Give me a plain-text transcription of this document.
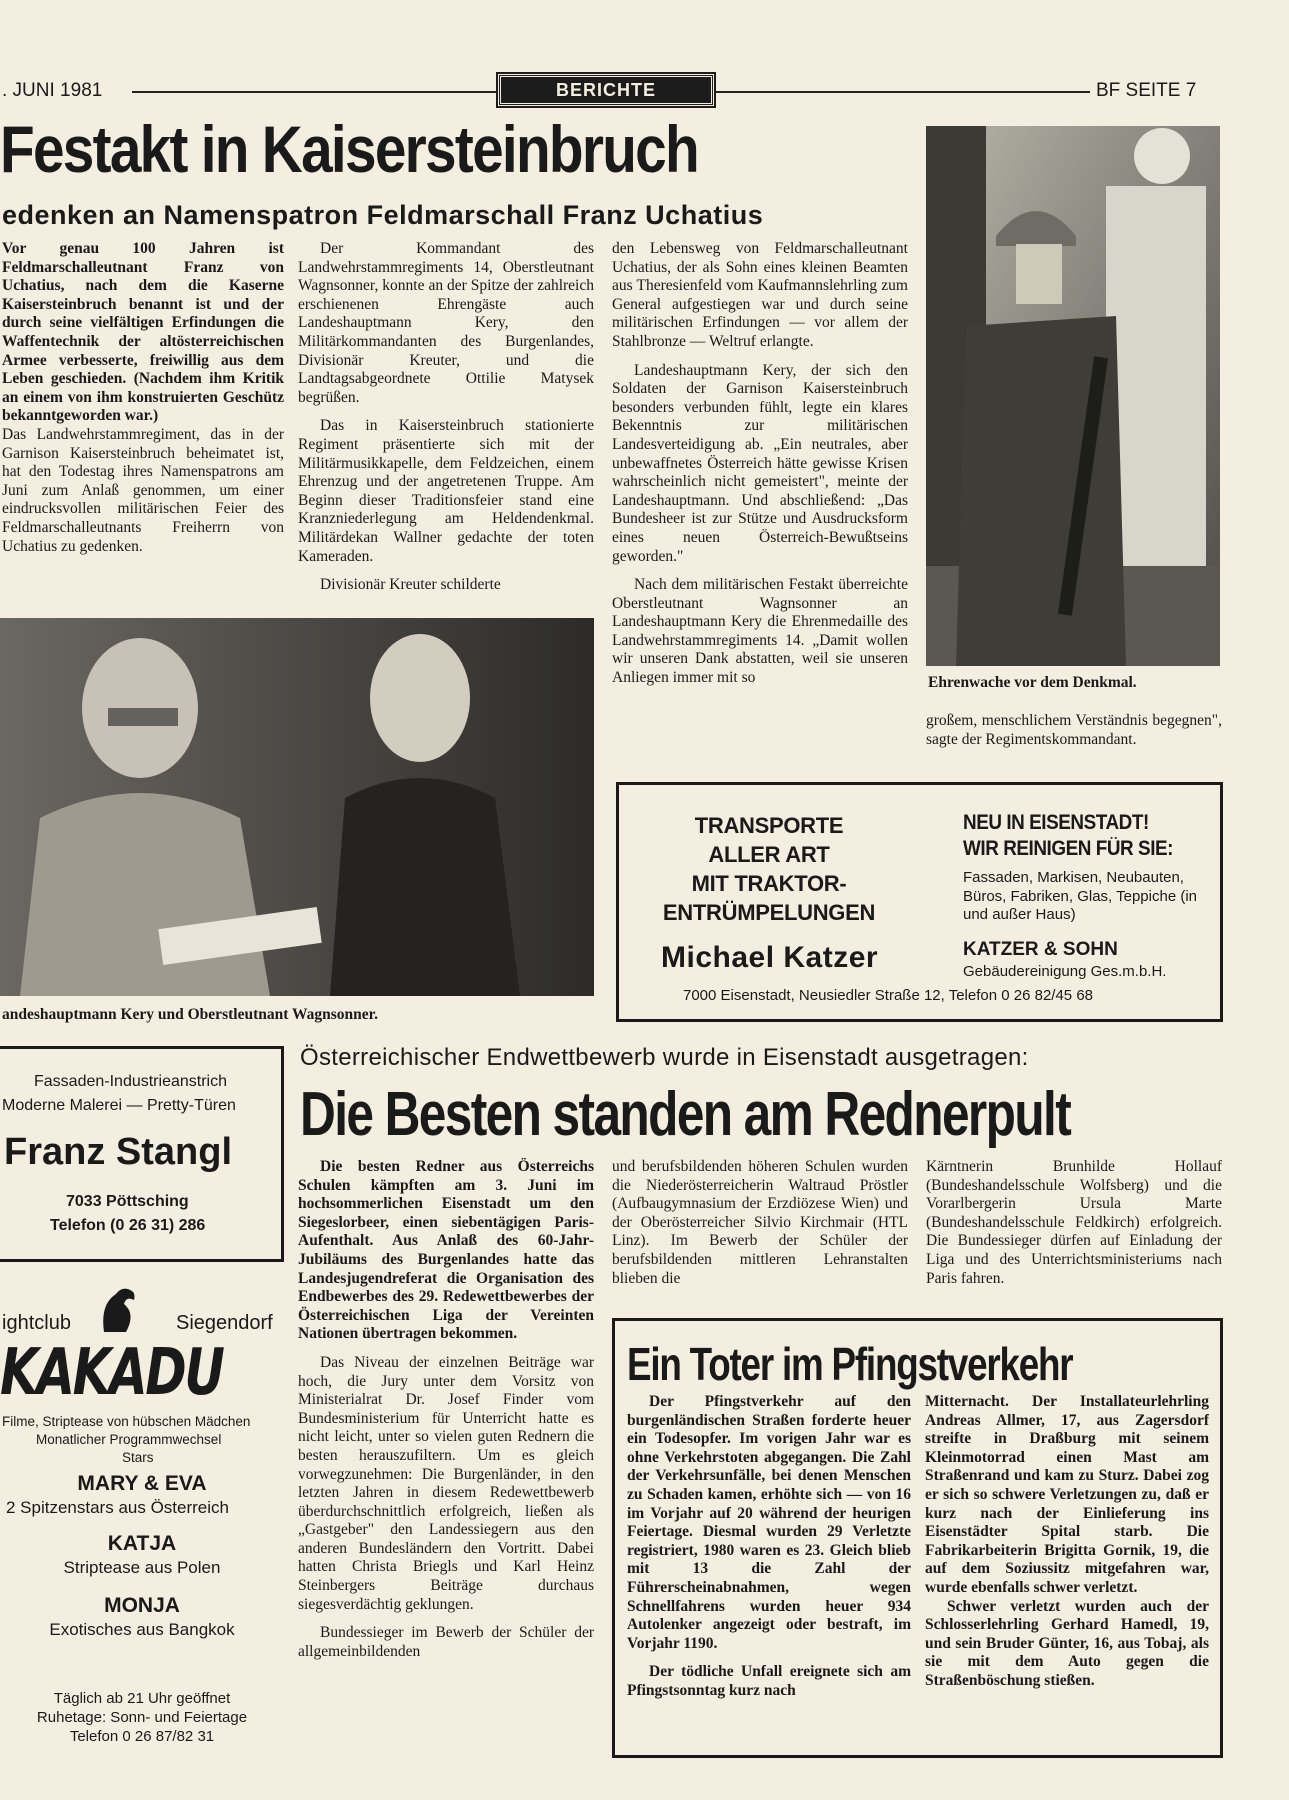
. JUNI 1981	BERICHTE	BF SEITE 7
Festakt in Kaisersteinbruch
edenken an Namenspatron Feldmarschall Franz Uchatius

Vor genau 100 Jahren ist Feldmarschalleutnant Franz von Uchatius, nach dem die Kaserne Kaisersteinbruch benannt ist und der durch seine vielfältigen Erfindungen die Waffentechnik der altösterreichischen Armee verbesserte, freiwillig aus dem Leben geschieden. (Nachdem ihm Kritik an einem von ihm konstruierten Geschütz bekanntgeworden war.)

Das Landwehrstammregiment, das in der Garnison Kaisersteinbruch beheimatet ist, hat den Todestag ihres Namenspatrons am Juni zum Anlaß genommen, um einer eindrucksvollen militärischen Feier des Feldmarschalleutnants Freiherrn von Uchatius zu gedenken.

Der Kommandant des Landwehrstammregiments 14, Oberstleutnant Wagnsonner, konnte an der Spitze der zahlreich erschienenen Ehrengäste auch Landeshauptmann Kery, den Militärkommandanten des Burgenlandes, Divisionär Kreuter, und die Landtagsabgeordnete Ottilie Matysek begrüßen.

Das in Kaisersteinbruch stationierte Regiment präsentierte sich mit der Militärmusikkapelle, dem Feldzeichen, einem Ehrenzug und der angetretenen Truppe. Am Beginn dieser Traditionsfeier stand eine Kranzniederlegung am Heldendenkmal. Militärdekan Wallner gedachte der toten Kameraden.

Divisionär Kreuter schilderte

den Lebensweg von Feldmarschalleutnant Uchatius, der als Sohn eines kleinen Beamten aus Theresienfeld vom Kaufmannslehrling zum General aufgestiegen war und durch seine militärischen Erfindungen — vor allem der Stahlbronze — Weltruf erlangte.

Landeshauptmann Kery, der sich den Soldaten der Garnison Kaisersteinbruch besonders verbunden fühlt, legte ein klares Bekenntnis zur militärischen Landesverteidigung ab. „Ein neutrales, aber unbewaffnetes Österreich hätte gewisse Krisen wahrscheinlich nicht gemeistert", meinte der Landeshauptmann. Und abschließend: „Das Bundesheer ist zur Stütze und Ausdrucksform eines neuen Österreich-Bewußtseins geworden."

Nach dem militärischen Festakt überreichte Oberstleutnant Wagnsonner an Landeshauptmann Kery die Ehrenmedaille des Landwehrstammregiments 14. „Damit wollen wir unseren Dank abstatten, weil sie unseren Anliegen immer mit so

großem, menschlichem Verständnis begegnen", sagte der Regimentskommandant.

Ehrenwache vor dem Denkmal.
andeshauptmann Kery und Oberstleutnant Wagnsonner.
TRANSPORTE
ALLER ART
MIT TRAKTOR-
ENTRÜMPELUNGEN
Michael Katzer
NEU IN EISENSTADT!
WIR REINIGEN FÜR SIE:
Fassaden, Markisen, Neubauten, Büros, Fabriken, Glas, Teppiche (in und außer Haus)
KATZER & SOHN
Gebäudereinigung Ges.m.b.H.
7000 Eisenstadt, Neusiedler Straße 12, Telefon 0 26 82/45 68
Fassaden-Industrieanstrich
Moderne Malerei — Pretty-Türen
Franz Stangl
7033 Pöttsching
Telefon (0 26 31) 286
ightclub	Siegendorf
KAKADU
Filme, Striptease von hübschen Mädchen
Monatlicher Programmwechsel
Stars
MARY & EVA
2 Spitzenstars aus Österreich
KATJA
Striptease aus Polen
MONJA
Exotisches aus Bangkok
Täglich ab 21 Uhr geöffnet
Ruhetage: Sonn- und Feiertage
Telefon 0 26 87/82 31
Österreichischer Endwettbewerb wurde in Eisenstadt ausgetragen:
Die Besten standen am Rednerpult

Die besten Redner aus Österreichs Schulen kämpften am 3. Juni im hochsommerlichen Eisenstadt um den Siegeslorbeer, einen siebentägigen Paris-Aufenthalt. Aus Anlaß des 60-Jahr-Jubiläums des Burgenlandes hatte das Landesjugendreferat die Organisation des Endbewerbes des 29. Redewettbewerbes der Österreichischen Liga der Vereinten Nationen übertragen bekommen.

Das Niveau der einzelnen Beiträge war hoch, die Jury unter dem Vorsitz von Ministerialrat Dr. Josef Finder vom Bundesministerium für Unterricht hatte es nicht leicht, unter so vielen guten Rednern die besten herauszufiltern. Um es gleich vorwegzunehmen: Die Burgenländer, in den letzten Jahren in diesem Redewettbewerb überdurchschnittlich erfolgreich, ließen als „Gastgeber" den Landessiegern aus den anderen Bundesländern den Vortritt. Dabei hatten Christa Briegls und Karl Heinz Steinbergers Beiträge durchaus siegesverdächtig geklungen.

Bundessieger im Bewerb der Schüler der allgemeinbildenden

und berufsbildenden höheren Schulen wurden die Niederösterreicherin Waltraud Pröstler (Aufbaugymnasium der Erzdiözese Wien) und der Oberösterreicher Silvio Kirchmair (HTL Linz). Im Bewerb der Schüler der berufsbildenden mittleren Lehranstalten blieben die

Kärntnerin Brunhilde Hollauf (Bundeshandelsschule Wolfsberg) und die Vorarlbergerin Ursula Marte (Bundeshandelsschule Feldkirch) erfolgreich. Die Bundessieger dürfen auf Einladung der Liga und des Unterrichtsministeriums nach Paris fahren.

Ein Toter im Pfingstverkehr

Der Pfingstverkehr auf den burgenländischen Straßen forderte heuer ein Todesopfer. Im vorigen Jahr war es ohne Verkehrstoten abgegangen. Die Zahl der Verkehrsunfälle, bei denen Menschen zu Schaden kamen, erhöhte sich — von 16 im Vorjahr auf 20 während der heurigen Feiertage. Diesmal wurden 29 Verletzte registriert, 1980 waren es 23. Gleich blieb mit 13 die Zahl der Führerscheinabnahmen, wegen Schnellfahrens wurden heuer 934 Autolenker angezeigt oder bestraft, im Vorjahr 1190.

Der tödliche Unfall ereignete sich am Pfingstsonntag kurz nach

Mitternacht. Der Installateurlehrling Andreas Allmer, 17, aus Zagersdorf streifte in Draßburg mit seinem Kleinmotorrad einen Mast am Straßenrand und kam zu Sturz. Dabei zog er sich so schwere Verletzungen zu, daß er kurz nach der Einlieferung ins Eisenstädter Spital starb. Die Fabrikarbeiterin Brigitta Gornik, 19, die auf dem Soziussitz mitgefahren war, wurde ebenfalls schwer verletzt.

Schwer verletzt wurden auch der Schlosserlehrling Gerhard Hamedl, 19, und sein Bruder Günter, 16, aus Tobaj, als sie mit dem Auto gegen die Straßenböschung stießen.
